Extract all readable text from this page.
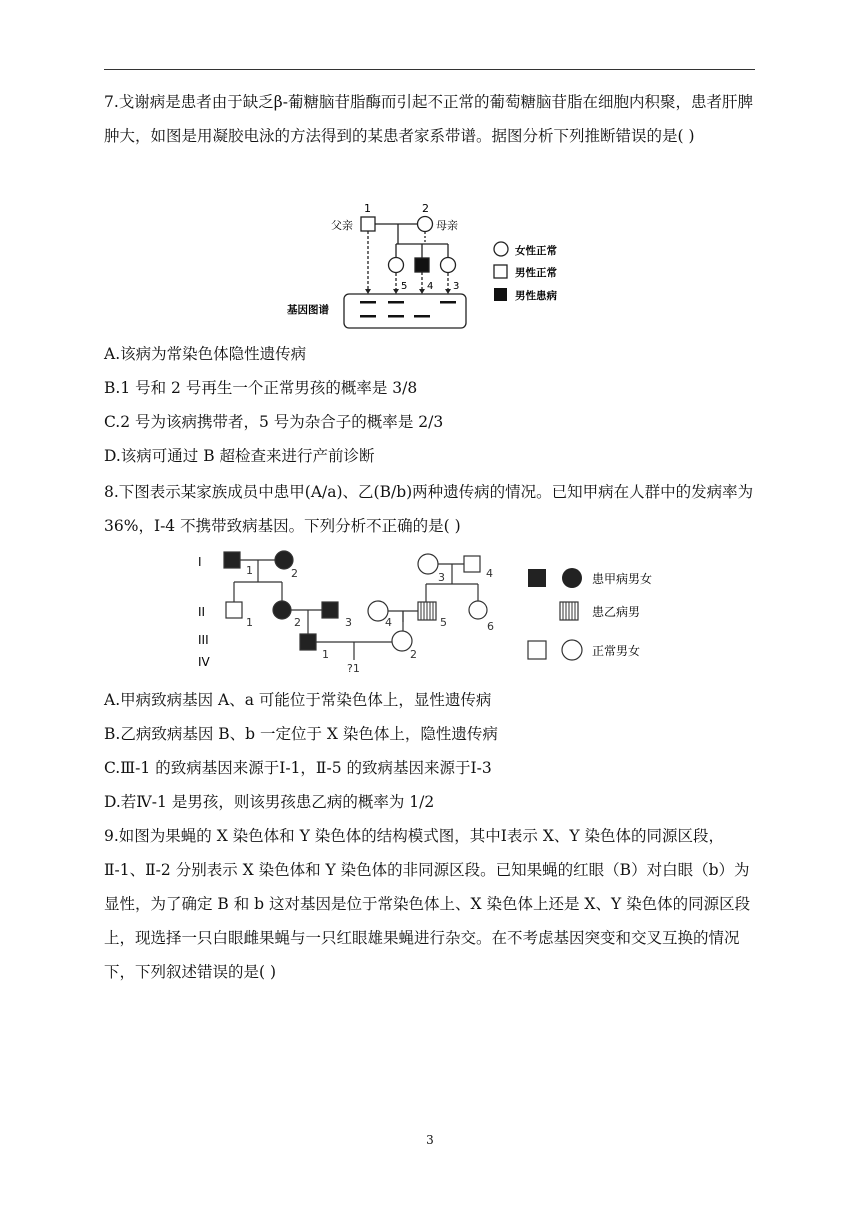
7.戈谢病是患者由于缺乏β-葡糖脑苷脂酶而引起不正常的葡萄糖脑苷脂在细胞内积聚，患者肝脾肿大，如图是用凝胶电泳的方法得到的某患者家系带谱。据图分析下列推断错误的是( )
1	2
父亲	母亲
5 4 3
基因图谱
女性正常
男性正常
男性患病
A.该病为常染色体隐性遗传病
B.1 号和 2 号再生一个正常男孩的概率是 3/8
C.2 号为该病携带者，5 号为杂合子的概率是 2/3
D.该病可通过 B 超检查来进行产前诊断
8.下图表示某家族成员中患甲(A/a)、乙(B/b)两种遗传病的情况。已知甲病在人群中的发病率为 36%，I-4 不携带致病基因。下列分析不正确的是( )
I
II
III
IV
1	2	3	4
1	2	3	4	5	6
1	2
?1
患甲病男女
患乙病男
正常男女
A.甲病致病基因 A、a 可能位于常染色体上，显性遗传病
B.乙病致病基因 B、b 一定位于 X 染色体上，隐性遗传病
C.Ⅲ-1 的致病基因来源于Ⅰ-1，Ⅱ-5 的致病基因来源于Ⅰ-3
D.若Ⅳ-1 是男孩，则该男孩患乙病的概率为 1/2
9.如图为果蝇的 X 染色体和 Y 染色体的结构模式图，其中Ⅰ表示 X、Y 染色体的同源区段，Ⅱ-1、Ⅱ-2 分别表示 X 染色体和 Y 染色体的非同源区段。已知果蝇的红眼（B）对白眼（b）为显性，为了确定 B 和 b 这对基因是位于常染色体上、X 染色体上还是 X、Y 染色体的同源区段上，现选择一只白眼雌果蝇与一只红眼雄果蝇进行杂交。在不考虑基因突变和交叉互换的情况下，下列叙述错误的是( )
3
